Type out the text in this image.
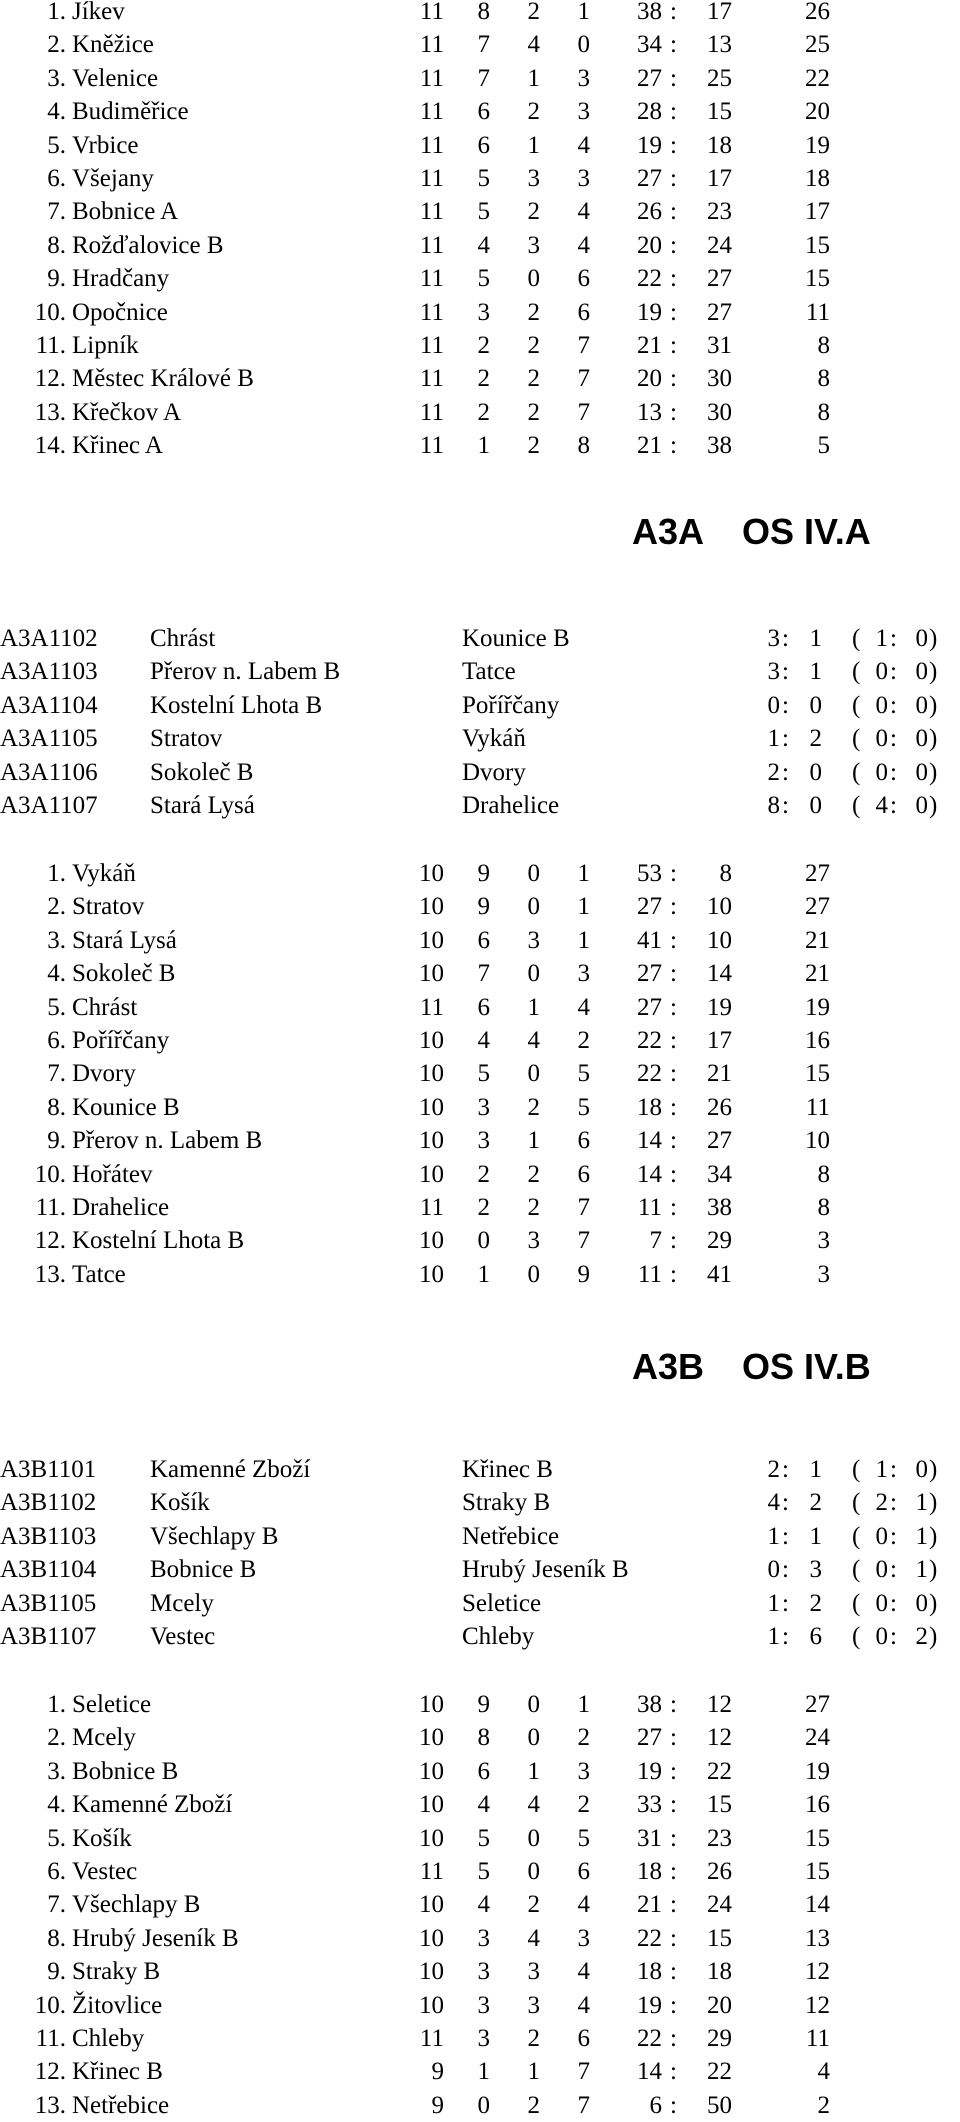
1. Jíkev	11	8	2	1	38 :	17	26
2. Kněžice	11	7	4	0	34 :	13	25
3. Velenice	11	7	1	3	27 :	25	22
4. Budiměřice	11	6	2	3	28 :	15	20
5. Vrbice	11	6	1	4	19 :	18	19
6. Všejany	11	5	3	3	27 :	17	18
7. Bobnice A	11	5	2	4	26 :	23	17
8. Rožďalovice B	11	4	3	4	20 :	24	15
9. Hradčany	11	5	0	6	22 :	27	15
10. Opočnice	11	3	2	6	19 :	27	11
11. Lipník	11	2	2	7	21 :	31	8
12. Městec Králové B	11	2	2	7	20 :	30	8
13. Křečkov A	11	2	2	7	13 :	30	8
14. Křinec A	11	1	2	8	21 :	38	5
A3A OS IV.A
A3A1102	Chrást	Kounice B	3 : 1 ( 1 : 0 )
A3A1103	Přerov n. Labem B	Tatce	3 : 1 ( 0 : 0 )
A3A1104	Kostelní Lhota B	Pořířčany	0 : 0 ( 0 : 0 )
A3A1105	Stratov	Vykáň	1 : 2 ( 0 : 0 )
A3A1106	Sokoleč B	Dvory	2 : 0 ( 0 : 0 )
A3A1107	Stará Lysá	Drahelice	8 : 0 ( 4 : 0 )
1. Vykáň	10	9	0	1	53 :	8	27
2. Stratov	10	9	0	1	27 :	10	27
3. Stará Lysá	10	6	3	1	41 :	10	21
4. Sokoleč B	10	7	0	3	27 :	14	21
5. Chrást	11	6	1	4	27 :	19	19
6. Pořířčany	10	4	4	2	22 :	17	16
7. Dvory	10	5	0	5	22 :	21	15
8. Kounice B	10	3	2	5	18 :	26	11
9. Přerov n. Labem B	10	3	1	6	14 :	27	10
10. Hořátev	10	2	2	6	14 :	34	8
11. Drahelice	11	2	2	7	11 :	38	8
12. Kostelní Lhota B	10	0	3	7	7 :	29	3
13. Tatce	10	1	0	9	11 :	41	3
A3B OS IV.B
A3B1101	Kamenné Zboží	Křinec B	2 : 1 ( 1 : 0 )
A3B1102	Košík	Straky B	4 : 2 ( 2 : 1 )
A3B1103	Všechlapy B	Netřebice	1 : 1 ( 0 : 1 )
A3B1104	Bobnice B	Hrubý Jeseník B	0 : 3 ( 0 : 1 )
A3B1105	Mcely	Seletice	1 : 2 ( 0 : 0 )
A3B1107	Vestec	Chleby	1 : 6 ( 0 : 2 )
1. Seletice	10	9	0	1	38 :	12	27
2. Mcely	10	8	0	2	27 :	12	24
3. Bobnice B	10	6	1	3	19 :	22	19
4. Kamenné Zboží	10	4	4	2	33 :	15	16
5. Košík	10	5	0	5	31 :	23	15
6. Vestec	11	5	0	6	18 :	26	15
7. Všechlapy B	10	4	2	4	21 :	24	14
8. Hrubý Jeseník B	10	3	4	3	22 :	15	13
9. Straky B	10	3	3	4	18 :	18	12
10. Žitovlice	10	3	3	4	19 :	20	12
11. Chleby	11	3	2	6	22 :	29	11
12. Křinec B	9	1	1	7	14 :	22	4
13. Netřebice	9	0	2	7	6 :	50	2
